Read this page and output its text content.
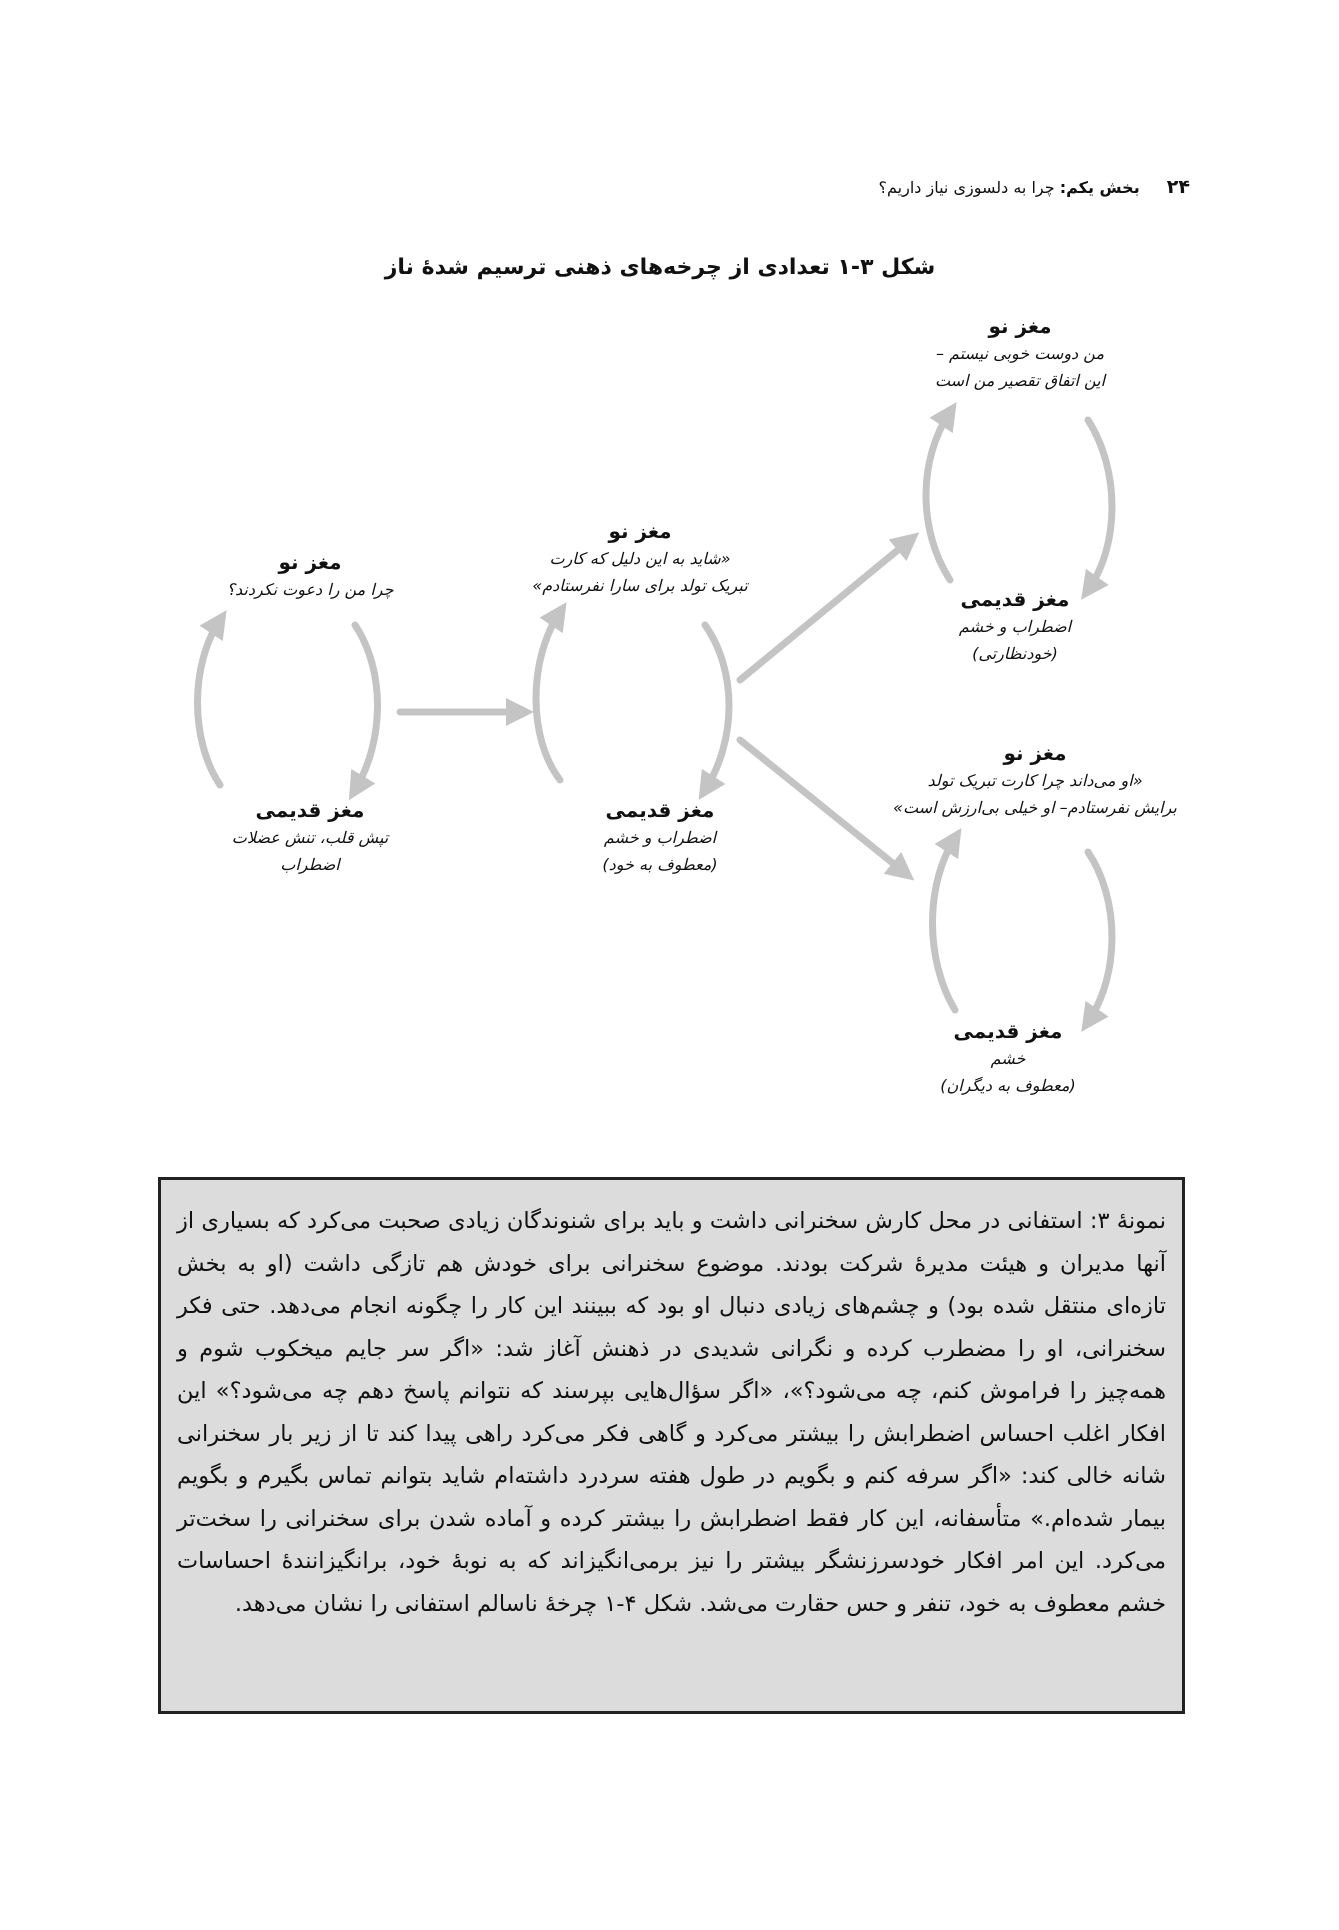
۲۴ بخش یکم: چرا به دلسوزی نیاز داریم؟
شکل ۳-۱ تعدادی از چرخه‌های ذهنی ترسیم شدهٔ ناز
مغز نو
چرا من را دعوت نکردند؟
مغز قدیمی
تپش قلب، تنش عضلات
اضطراب
مغز نو
«شاید به این دلیل که کارت
تبریک تولد برای سارا نفرستادم»
مغز قدیمی
اضطراب و خشم
(معطوف به خود)
مغز نو
من دوست خوبی نیستم –
این اتفاق تقصیر من است
مغز قدیمی
اضطراب و خشم
(خودنظارتی)
مغز نو
«او می‌داند چرا کارت تبریک تولد
برایش نفرستادم– او خیلی بی‌ارزش است»
مغز قدیمی
خشم
(معطوف به دیگران)
نمونهٔ ۳: استفانی در محل کارش سخنرانی داشت و باید برای شنوندگان زیادی صحبت می‌کرد که بسیاری از آنها مدیران و هیئت مدیرهٔ شرکت بودند. موضوع سخنرانی برای خودش هم تازگی داشت (او به بخش تازه‌ای منتقل شده بود) و چشم‌های زیادی دنبال او بود که ببینند این کار را چگونه انجام می‌دهد. حتی فکر سخنرانی، او را مضطرب کرده و نگرانی شدیدی در ذهنش آغاز شد: «اگر سر جایم میخکوب شوم و همه‌چیز را فراموش کنم، چه می‌شود؟»، «اگر سؤال‌هایی بپرسند که نتوانم پاسخ دهم چه می‌شود؟» این افکار اغلب احساس اضطرابش را بیشتر می‌کرد و گاهی فکر می‌کرد راهی پیدا کند تا از زیر بار سخنرانی شانه خالی کند: «اگر سرفه کنم و بگویم در طول هفته سردرد داشته‌ام شاید بتوانم تماس بگیرم و بگویم بیمار شده‌ام.» متأسفانه، این کار فقط اضطرابش را بیشتر کرده و آماده شدن برای سخنرانی را سخت‌تر می‌کرد. این امر افکار خودسرزنشگر بیشتر را نیز برمی‌انگیزاند که به نوبهٔ خود، برانگیزانندهٔ احساسات خشم معطوف به خود، تنفر و حس حقارت می‌شد. شکل ۴-۱ چرخهٔ ناسالم استفانی را نشان می‌دهد.
